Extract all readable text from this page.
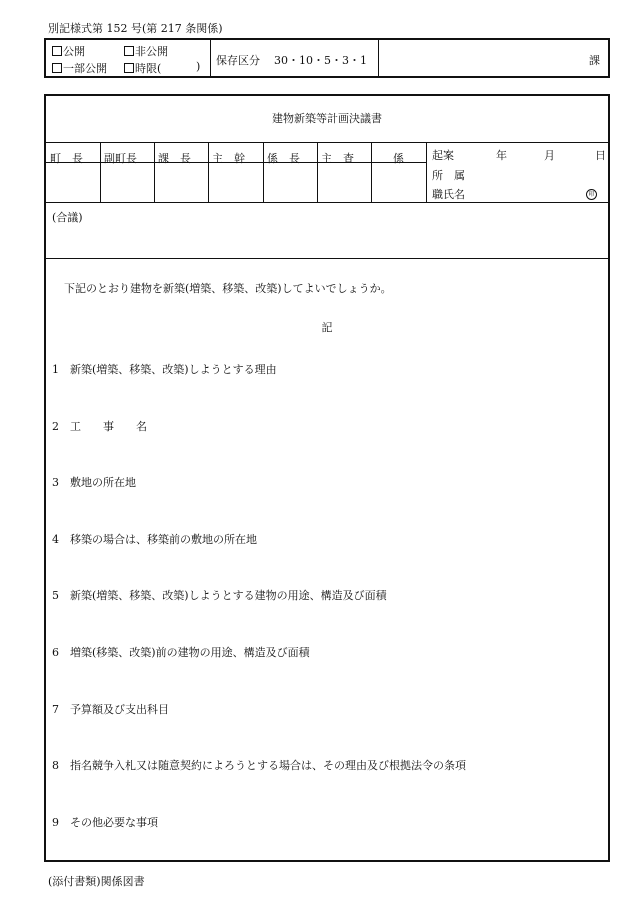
別記様式第 152 号(第 217 条関係)
公開	非公開
一部公開	時限(	) 保存区分 30・10・5・3・1	課
建物新築等計画決議書
町　長	副町長	課　長	主　幹	係　長	主　査	係	起案	年	月	日
所　属
職氏名	印
(合議)
下記のとおり建物を新築(増築、移築、改築)してよいでしょうか。
記
1 新築(増築、移築、改築)しようとする理由
2 工　　事　　名
3 敷地の所在地
4 移築の場合は、移築前の敷地の所在地
5 新築(増築、移築、改築)しようとする建物の用途、構造及び面積
6 増築(移築、改築)前の建物の用途、構造及び面積
7 予算額及び支出科目
8 指名競争入札又は随意契約によろうとする場合は、その理由及び根拠法令の条項
9 その他必要な事項
(添付書類)関係図書
